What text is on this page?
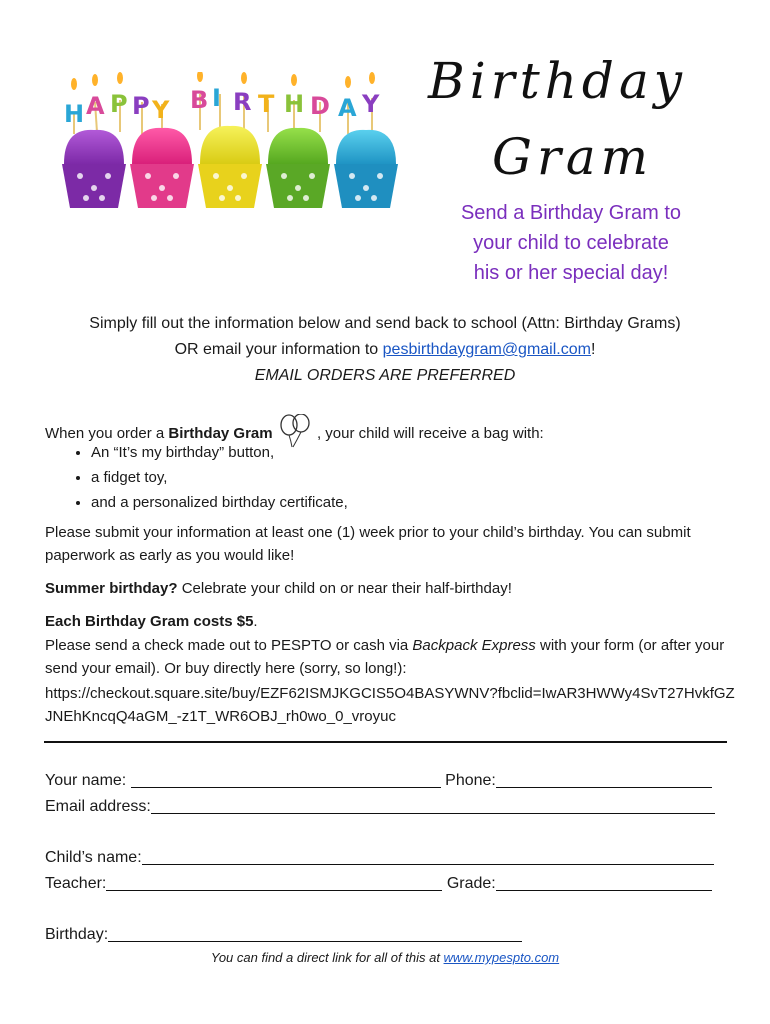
H A P P Y B I R T H D A Y Birthday
Gram
Send a Birthday Gram to
your child to celebrate
his or her special day!
Simply fill out the information below and send back to school (Attn: Birthday Grams)
OR email your information to pesbirthdaygram@gmail.com!
EMAIL ORDERS ARE PREFERRED
When you order a Birthday Gram	, your child will receive a bag with:
• An “It’s my birthday” button,
• a fidget toy,
• and a personalized birthday certificate,
Please submit your information at least one (1) week prior to your child’s birthday. You can submit paperwork as early as you would like!
Summer birthday? Celebrate your child on or near their half-birthday!
Each Birthday Gram costs $5.
Please send a check made out to PESPTO or cash via Backpack Express with your form (or after your send your email). Or buy directly here (sorry, so long!):
https://checkout.square.site/buy/EZF62ISMJKGCIS5O4BASYWNV?fbclid=IwAR3HWWy4SvT27HvkfGZJNEhKncqQ4aGM_-z1T_WR6OBJ_rh0wo_0_vroyuc
Your name:	Phone:
Email address:
Child’s name:
Teacher:	Grade:
Birthday:
You can find a direct link for all of this at www.mypespto.com
